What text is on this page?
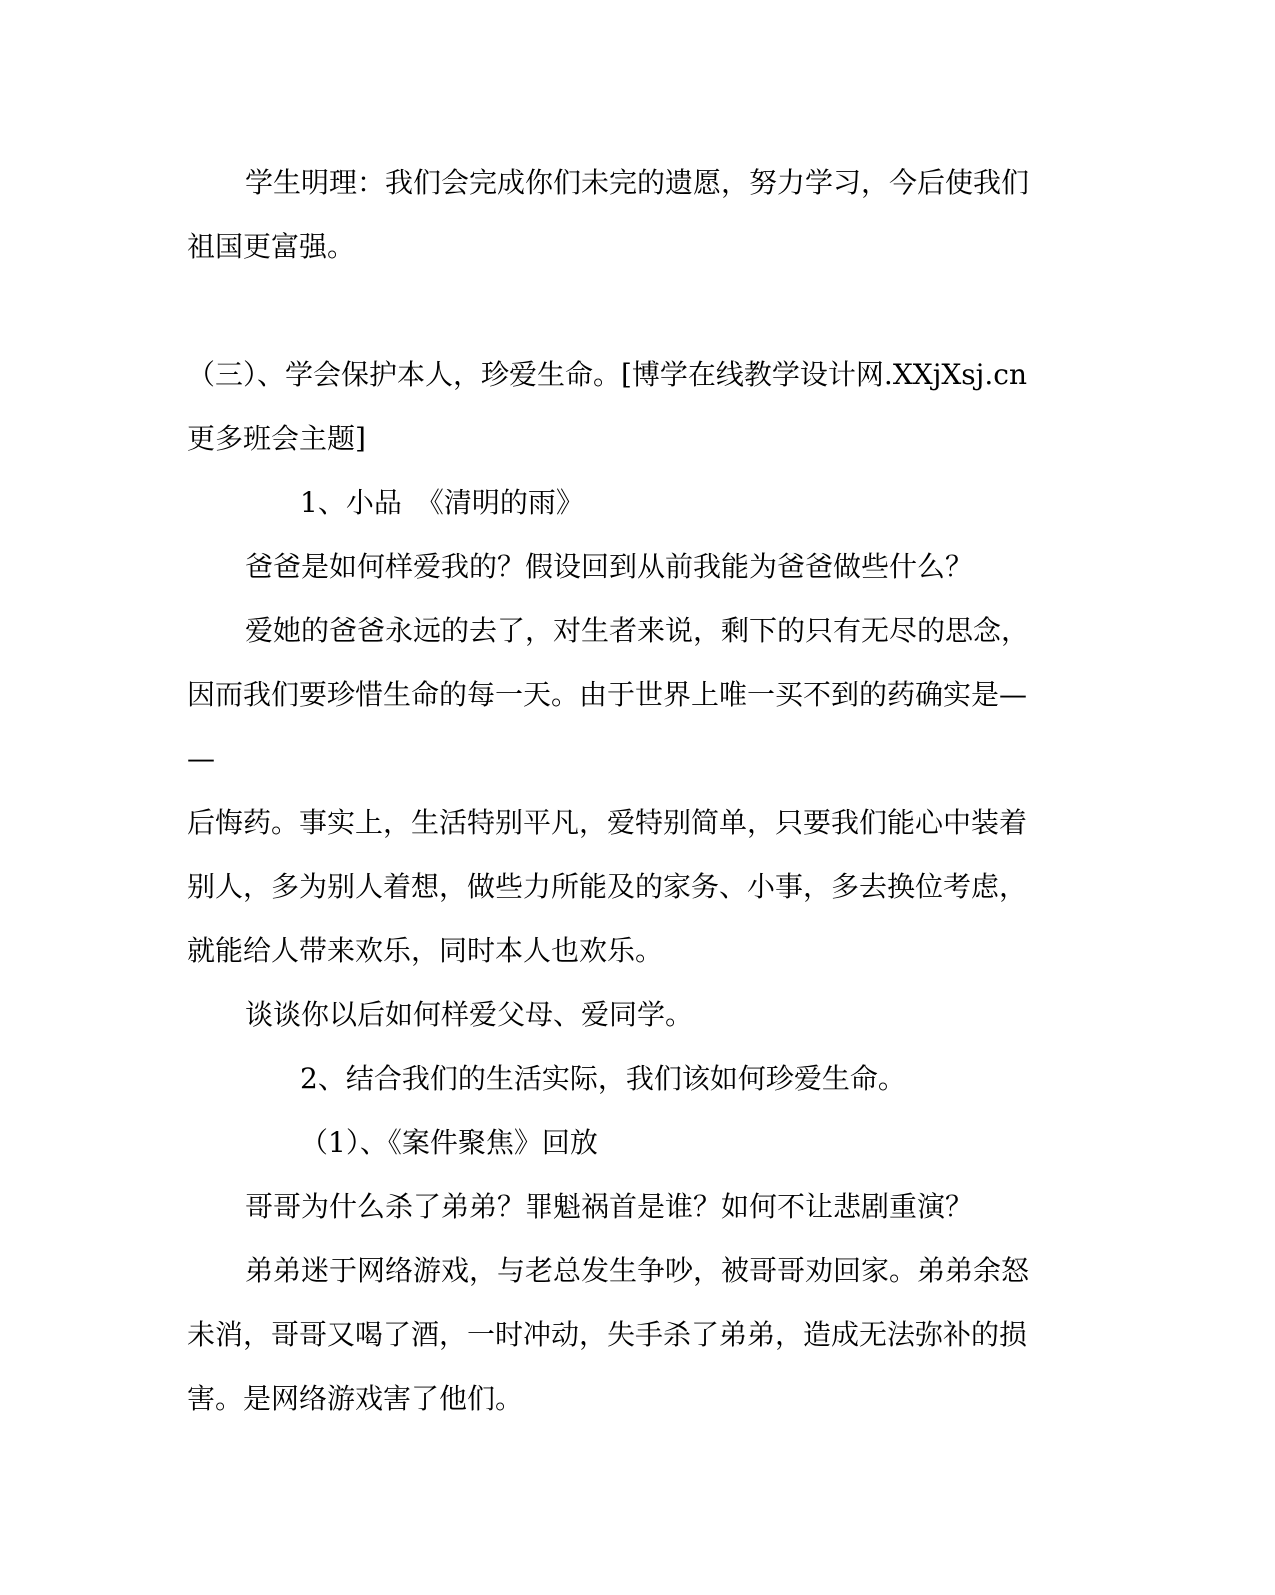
学生明理：我们会完成你们未完的遗愿，努力学习，今后使我们

祖国更富强。

（三）、学会保护本人，珍爱生命。[博学在线教学设计网.XXjXsj.cn

更多班会主题]

1、小品　《清明的雨》

爸爸是如何样爱我的？假设回到从前我能为爸爸做些什么？

爱她的爸爸永远的去了，对生者来说，剩下的只有无尽的思念，

因而我们要珍惜生命的每一天。由于世界上唯一买不到的药确实是—

—

后悔药。事实上，生活特别平凡，爱特别简单，只要我们能心中装着

别人，多为别人着想，做些力所能及的家务、小事，多去换位考虑，

就能给人带来欢乐，同时本人也欢乐。

谈谈你以后如何样爱父母、爱同学。

2、结合我们的生活实际，我们该如何珍爱生命。

（1）、《案件聚焦》回放

哥哥为什么杀了弟弟？罪魁祸首是谁？如何不让悲剧重演？

弟弟迷于网络游戏，与老总发生争吵，被哥哥劝回家。弟弟余怒

未消，哥哥又喝了酒，一时冲动，失手杀了弟弟，造成无法弥补的损

害。是网络游戏害了他们。
